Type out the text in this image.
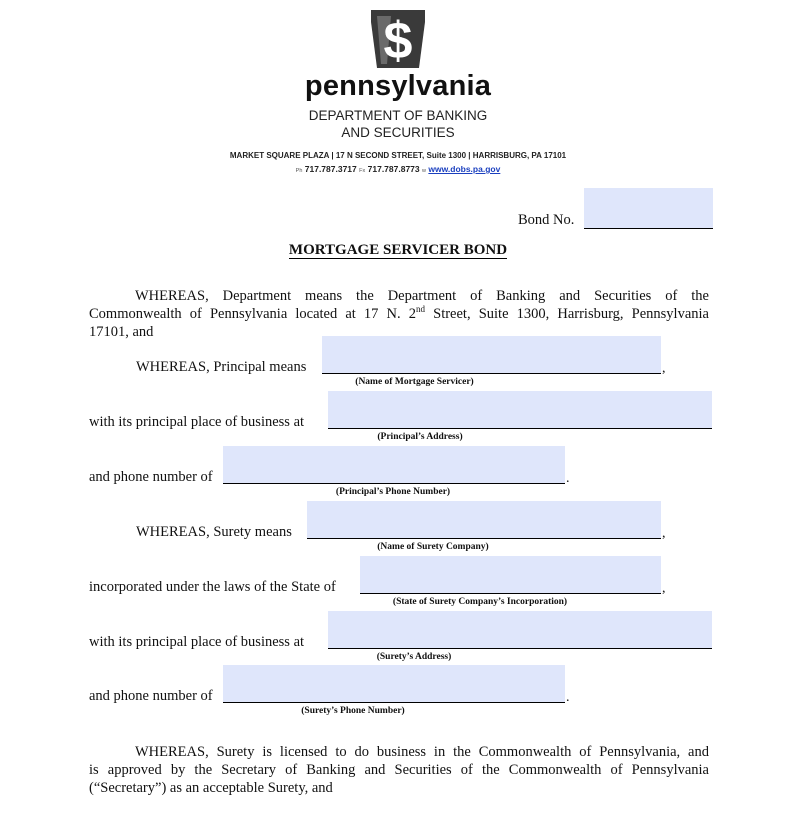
$
pennsylvania
DEPARTMENT OF BANKING
AND SECURITIES
MARKET SQUARE PLAZA | 17 N SECOND STREET, Suite 1300 | HARRISBURG, PA 17101
Ph 717.787.3717 Fx 717.787.8773 w www.dobs.pa.gov
Bond No.
MORTGAGE SERVICER BOND
WHEREAS, Department means the Department of Banking and Securities of the
Commonwealth of Pennsylvania located at 17 N. 2nd Street, Suite 1300, Harrisburg, Pennsylvania
17101, and
WHEREAS, Principal means	,
(Name of Mortgage Servicer)
with its principal place of business at
(Principal’s Address)
and phone number of	.
(Principal’s Phone Number)
WHEREAS, Surety means	,
(Name of Surety Company)
incorporated under the laws of the State of	,
(State of Surety Company’s Incorporation)
with its principal place of business at
(Surety’s Address)
and phone number of	.
(Surety’s Phone Number)
WHEREAS, Surety is licensed to do business in the Commonwealth of Pennsylvania, and
is approved by the Secretary of Banking and Securities of the Commonwealth of Pennsylvania
(“Secretary”) as an acceptable Surety, and
